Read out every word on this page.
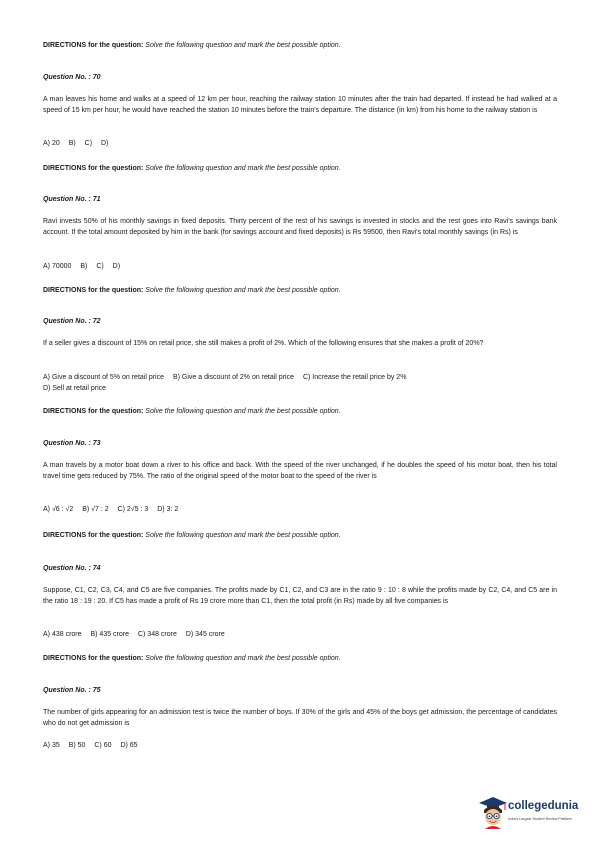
DIRECTIONS for the question: Solve the following question and mark the best possible option.
Question No. : 70
A man leaves his home and walks at a speed of 12 km per hour, reaching the railway station 10 minutes after the train had departed. If instead he had walked at a speed of 15 km per hour, he would have reached the station 10 minutes before the train's departure. The distance (in km) from his home to the railway station is
A) 20 B) C) D)
DIRECTIONS for the question: Solve the following question and mark the best possible option.
Question No. : 71
Ravi invests 50% of his monthly savings in fixed deposits. Thirty percent of the rest of his savings is invested in stocks and the rest goes into Ravi's savings bank account. If the total amount deposited by him in the bank (for savings account and fixed deposits) is Rs 59500, then Ravi's total monthly savings (in Rs) is
A) 70000 B) C) D)
DIRECTIONS for the question: Solve the following question and mark the best possible option.
Question No. : 72
If a seller gives a discount of 15% on retail price, she still makes a profit of 2%. Which of the following ensures that she makes a profit of 20%?
A) Give a discount of 5% on retail price B) Give a discount of 2% on retail price C) Increase the retail price by 2%
D) Sell at retail price
DIRECTIONS for the question: Solve the following question and mark the best possible option.
Question No. : 73
A man travels by a motor boat down a river to his office and back. With the speed of the river unchanged, if he doubles the speed of his motor boat, then his total travel time gets reduced by 75%. The ratio of the original speed of the motor boat to the speed of the river is
A) √6 : √2 B) √7 : 2 C) 2√5 : 3 D) 3: 2
DIRECTIONS for the question: Solve the following question and mark the best possible option.
Question No. : 74
Suppose, C1, C2, C3, C4, and C5 are five companies. The profits made by C1, C2, and C3 are in the ratio 9 : 10 : 8 while the profits made by C2, C4, and C5 are in the ratio 18 : 19 : 20. If C5 has made a profit of Rs 19 crore more than C1, then the total profit (in Rs) made by all five companies is
A) 438 crore B) 435 crore C) 348 crore D) 345 crore
DIRECTIONS for the question: Solve the following question and mark the best possible option.
Question No. : 75
The number of girls appearing for an admission test is twice the number of boys. If 30% of the girls and 45% of the boys get admission, the percentage of candidates who do not get admission is
A) 35 B) 50 C) 60 D) 65
collegedunia
India's Largest Student Review Platform
